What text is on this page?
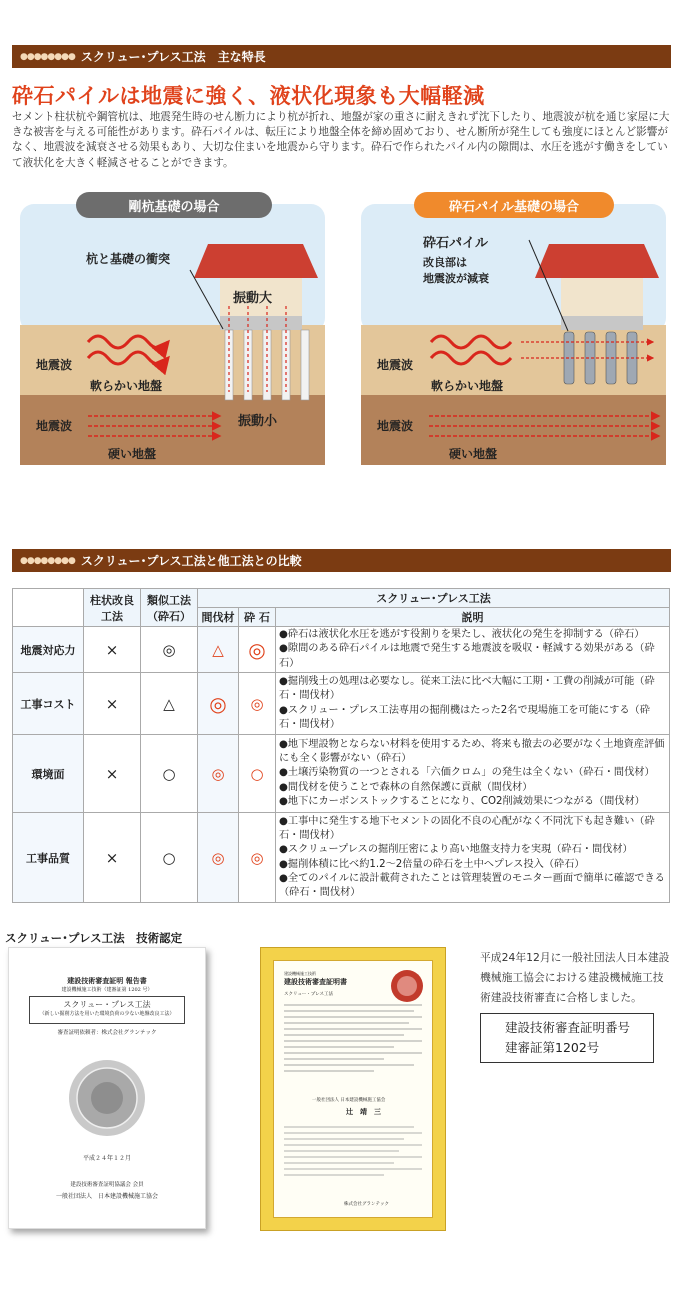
●●●●●●●● スクリュー･プレス工法　主な特長
砕石パイルは地震に強く、液状化現象も大幅軽減
セメント柱状杭や鋼管杭は、地震発生時のせん断力により杭が折れ、地盤が家の重さに耐えきれず沈下したり、地震波が杭を通じ家屋に大きな被害を与える可能性があります。砕石パイルは、転圧により地盤全体を締め固めており、せん断所が発生しても強度にほとんど影響がなく、地震波を減衰させる効果もあり、大切な住まいを地震から守ります。砕石で作られたパイル内の隙間は、水圧を逃がす働きをしていて液状化を大きく軽減させることができます。
剛杭基礎の場合
杭と基礎の衝突
振動大
地震波
軟らかい地盤
地震波	振動小
硬い地盤
砕石パイル基礎の場合
砕石パイル
改良部は
地震波が減衰
地震波
軟らかい地盤
地震波
硬い地盤
●●●●●●●● スクリュー･プレス工法と他工法との比較
	柱状改良工法	類似工法（砕石）	スクリュー･プレス工法		
			間伐材	砕 石	説明
地震対応力	×	◎	△	◎	●砕石は液状化水圧を逃がす役割りを果たし、液状化の発生を抑制する（砕石）
●隙間のある砕石パイルは地震で発生する地震波を吸収・軽減する効果がある（砕石）

工事コスト	×	△	◎	◎	●掘削残土の処理は必要なし。従来工法に比べ大幅に工期・工費の削減が可能（砕石・間伐材）
●スクリュー・プレス工法専用の掘削機はたった2名で現場施工を可能にする（砕石・間伐材）

環境面	×	○	◎	○	●地下埋設物とならない材料を使用するため、将来も撤去の必要がなく土地資産評価にも全く影響がない（砕石）
●土壌汚染物質の一つとされる「六価クロム」の発生は全くない（砕石・間伐材）
●間伐材を使うことで森林の自然保護に貢献（間伐材）
●地下にカーボンストックすることになり、CO2削減効果につながる（間伐材）

工事品質	×	○	◎	◎	●工事中に発生する地下セメントの固化不良の心配がなく不同沈下も起き難い（砕石・間伐材）
●スクリュープレスの掘削圧密により高い地盤支持力を実現（砕石・間伐材）
●掘削体積に比べ約1.2～2倍量の砕石を土中へプレス投入（砕石）
●全てのパイルに設計載荷されたことは管理装置のモニター画面で簡単に確認できる（砕石・間伐材）
スクリュー･プレス工法　技術認定
建設技術審査証明 報告書
建設機械施工技術（建審証第 1202 号）
スクリュー・プレス工法
（新しい掘削方法を用いた環境負荷の少ない地盤改良工法）
審査証明依頼者：株式会社グランテック
平成２４年１２月
建設技術審査証明協議会 会員
一般社団法人　日本建設機械施工協会
建設機械施工技術
建設技術審査証明書
スクリュー・プレス工法
一般社団法人 日本建設機械施工協会
辻　靖　三
株式会社グランテック
平成24年12月に一般社団法人日本建設機械施工協会における建設機械施工技術建設技術審査に合格しました。
建設技術審査証明番号
建審証第1202号
